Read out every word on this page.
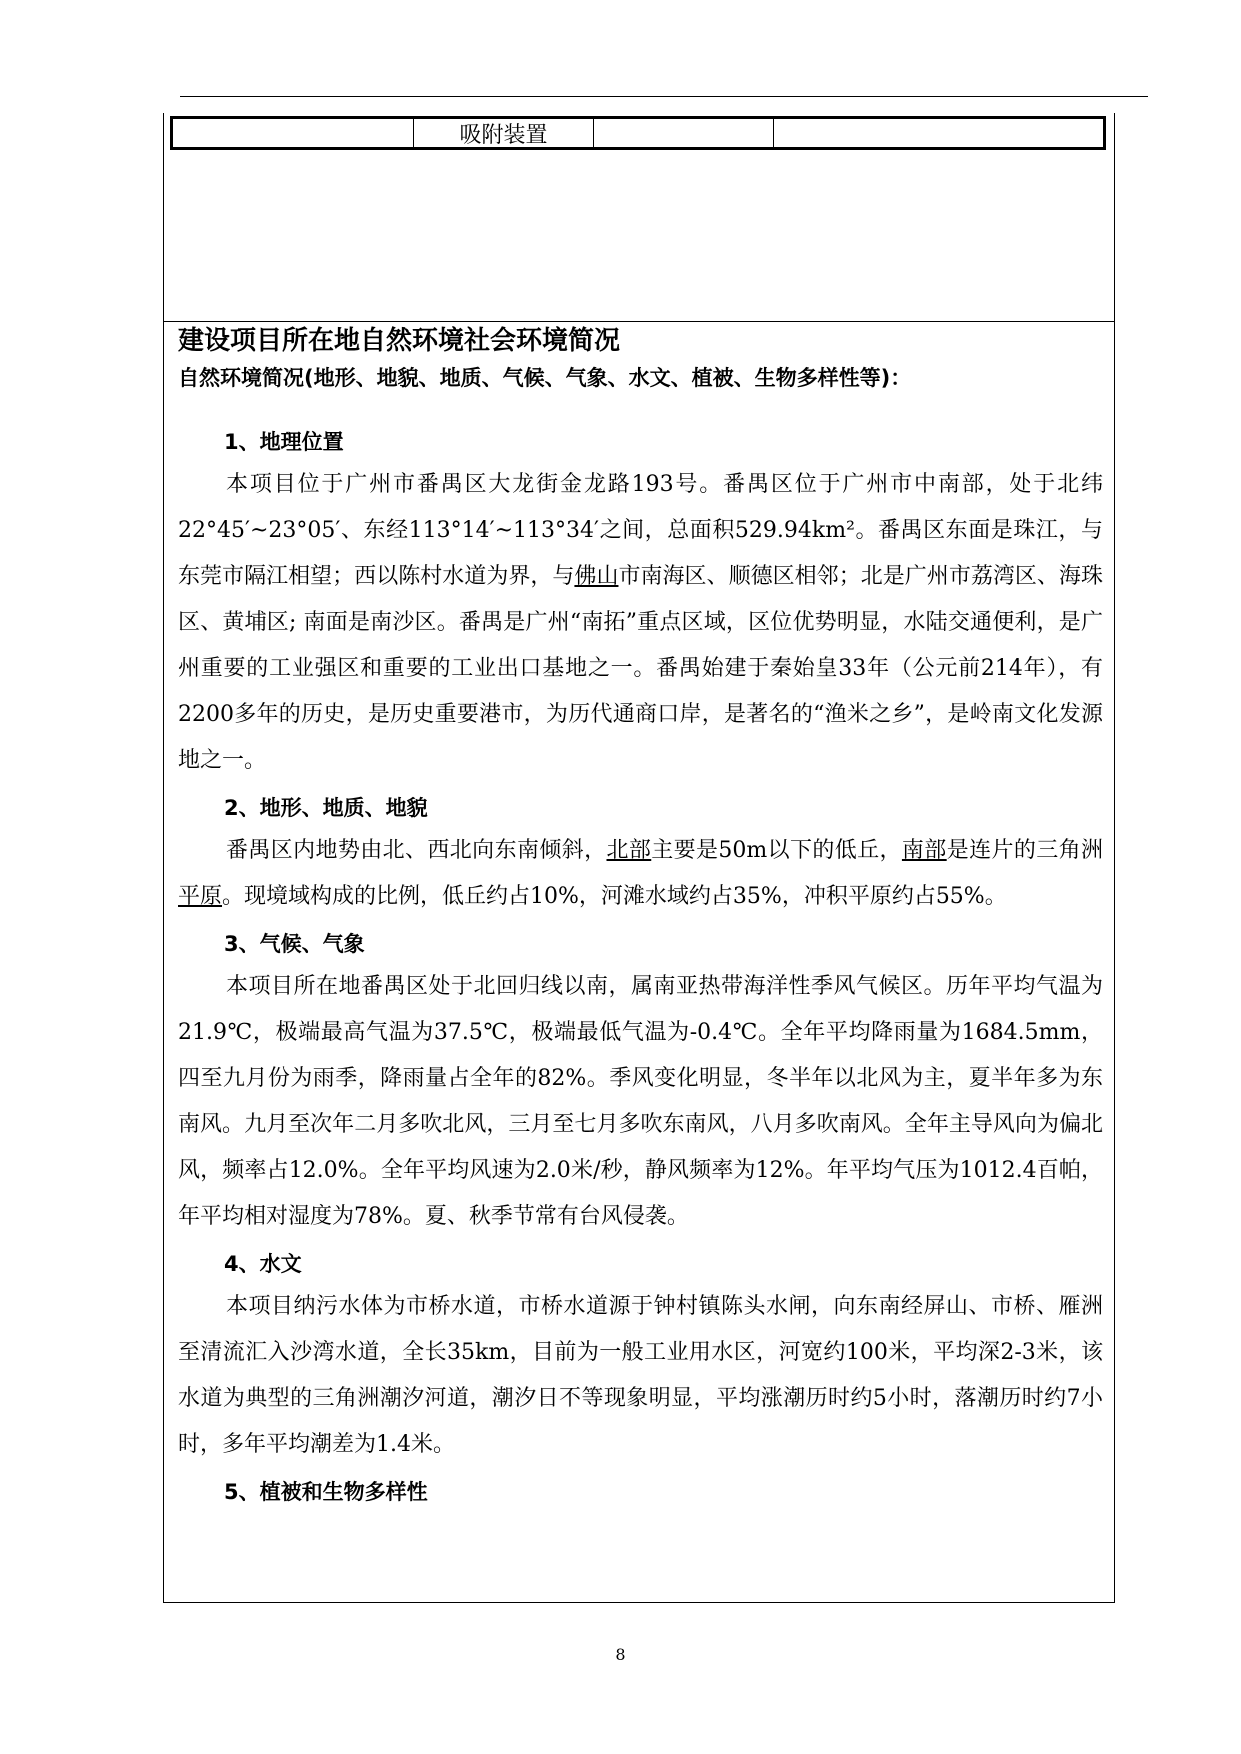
吸附装置
建设项目所在地自然环境社会环境简况
自然环境简况(地形、地貌、地质、气候、气象、水文、植被、生物多样性等)：
1、地理位置

本项目位于广州市番禺区大龙街金龙路193号。番禺区位于广州市中南部，处于北纬22°45′~23°05′、东经113°14′~113°34′之间，总面积529.94km²。番禺区东面是珠江，与东莞市隔江相望；西以陈村水道为界，与佛山市南海区、顺德区相邻；北是广州市荔湾区、海珠区、黄埔区; 南面是南沙区。番禺是广州“南拓”重点区域，区位优势明显，水陆交通便利，是广州重要的工业强区和重要的工业出口基地之一。番禺始建于秦始皇33年（公元前214年），有2200多年的历史，是历史重要港市，为历代通商口岸，是著名的“渔米之乡”，是岭南文化发源地之一。

2、地形、地质、地貌

番禺区内地势由北、西北向东南倾斜，北部主要是50m以下的低丘，南部是连片的三角洲平原。现境域构成的比例，低丘约占10%，河滩水域约占35%，冲积平原约占55%。

3、气候、气象

本项目所在地番禺区处于北回归线以南，属南亚热带海洋性季风气候区。历年平均气温为21.9℃，极端最高气温为37.5℃，极端最低气温为-0.4℃。全年平均降雨量为1684.5mm，四至九月份为雨季，降雨量占全年的82%。季风变化明显，冬半年以北风为主，夏半年多为东南风。九月至次年二月多吹北风，三月至七月多吹东南风，八月多吹南风。全年主导风向为偏北风，频率占12.0%。全年平均风速为2.0米/秒，静风频率为12%。年平均气压为1012.4百帕，年平均相对湿度为78%。夏、秋季节常有台风侵袭。

4、水文

本项目纳污水体为市桥水道，市桥水道源于钟村镇陈头水闸，向东南经屏山、市桥、雁洲至清流汇入沙湾水道，全长35km，目前为一般工业用水区，河宽约100米，平均深2-3米，该水道为典型的三角洲潮汐河道，潮汐日不等现象明显，平均涨潮历时约5小时，落潮历时约7小时，多年平均潮差为1.4米。

5、植被和生物多样性
8
